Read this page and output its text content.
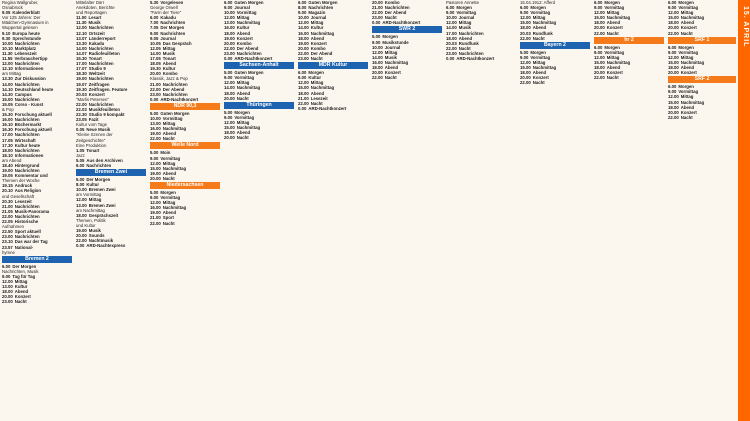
Regina Wallgruber,
Osnabrück
9.05 Kalenderblatt
Vor 125 Jahren: Der
Mädchen-Gymnasium in
Wuppertal gelesen
9.10 Europa heute
9.30 Sprechstunde
10.00 Nachrichten
10.10 Marktplatz
11.30 Lebenszeit
11.55 Verbrauchertipp
12.00 Nachrichten
12.10 Informationen
am Mittag
13.30 Zur Diskussion
14.00 Nachrichten
14.10 Deutschland heute
14.30 Campus
15.00 Nachrichten
15.05 Corso - Kunst
& Pop
15.30 Forschung aktuell
16.00 Nachrichten
16.10 Büchermarkt
16.30 Forschung aktuell
17.00 Nachrichten
17.05 Wirtschaft
17.30 Kultur heute
18.00 Nachrichten
18.10 Informationen
am Abend
18.40 Hintergrund
19.00 Nachrichten
19.05 Kommentar und
Themen der Woche
19.15 Andruck
20.10 Aus Religion
und Gesellschaft
20.30 Lesezeit
21.00 Nachrichten
21.05 Musik-Panorama
22.00 Nachrichten
22.05 Historische
Aufnahmen
22.50 Sport aktuell
23.00 Nachrichten
23.10 Das war der Tag
23.57 National-
hymne
Bremen 2
6.00 Der Morgen
Nachrichten, Musik
9.00 Tag für Tag
12.00 Mittag
13.00 Kultur
18.00 Abend
20.00 Konzert
23.00 Nacht
Mittelalter Dürr
Anekdoten, Berichte
und Reportagen
11.00 Lesart
11.30 Musik
12.00 Nachrichten
12.10 Ortszeit
13.07 Länderreport
13.30 Kakadu
14.00 Nachrichten
14.07 Radiofeuilleton
15.30 Tonart
17.00 Nachrichten
17.07 Studio 9
18.30 Weltzeit
19.00 Nachrichten
19.07 Zeitfragen
19.30 Zeitfragen. Feature
20.03 Konzert
"Marlis Petersen"
22.00 Nachrichten
22.03 Musikfeuilleton
22.30 Studio 9 kompakt
23.05 Fazit
Kultur vom Tage
0.05 Neue Musik
"Kleine Szenen der
Zeitgeschichte"
Eine Produktion
1.05 Tonart
Jazz
5.05 Aus den Archiven
6.00 Nachrichten
Bremen Zwei
5.00 Der Morgen
8.00 Kultur
10.00 Bremen Zwei
am Vormittag
12.00 Mittag
13.00 Bremen Zwei
am Nachmittag
18.00 Gesprächszeit
Themen, Politik
und Kultur
19.00 Musik
20.00 Sounds
22.00 Nachtmusik
0.00 ARD-Nachtexpress
5.30 Vorgelesen
George Orwell
"Farm der Tiere"
6.00 Kakadu
7.00 Nachrichten
7.05 Der Morgen
9.00 Nachrichten
9.05 Journal
10.05 Das Gespräch
12.05 Mittag
14.00 Musik
17.05 Tonart
18.05 Abend
19.30 Kultur
20.00 Kombo
Klassik, Jazz & Pop
21.00 Nachrichten
22.00 Der Abend
23.00 Nachrichten
0.00 ARD-Nachtkonzert
NDR 90,3
5.00 Guten Morgen
10.00 Vormittag
13.00 Mittag
16.00 Nachmittag
19.00 Abend
22.00 Nacht
Welle Nord
5.00 Moin
9.00 Vormittag
12.00 Mittag
15.00 Nachmittag
19.00 Abend
20.00 Nacht
Niedersachsen
5.00 Morgen
9.00 Vormittag
12.00 Mittag
16.00 Nachmittag
19.00 Abend
21.00 Sport
22.00 Nacht
6.00 Guten Morgen
9.00 Journal
10.00 Vormittag
12.00 Mittag
13.00 Nachmittag
16.00 Kultur
18.00 Abend
19.00 Konzert
20.00 Kombo
22.00 Der Abend
23.00 Nachrichten
0.00 ARD-Nachtkonzert
Sachsen-Anhalt
5.00 Guten Morgen
9.00 Vormittag
12.00 Mittag
14.00 Nachmittag
18.00 Abend
20.00 Nacht
Thüringen
5.00 Morgen
9.00 Vormittag
12.00 Mittag
15.00 Nachmittag
18.00 Abend
20.00 Nacht
6.00 Guten Morgen
8.00 Nachrichten
9.00 Magazin
10.00 Journal
12.00 Mittag
14.00 Kultur
16.00 Nachmittag
18.00 Abend
19.00 Konzert
20.00 Kombo
22.00 Der Abend
23.00 Nacht
MDR Kultur
6.00 Morgen
9.00 Kultur
12.00 Mittag
15.00 Nachmittag
18.00 Abend
21.00 Lesezeit
22.00 Nacht
0.00 ARD-Nachtkonzert
20.00 Kombo
21.00 Nachrichten
22.00 Der Abend
23.00 Nacht
0.00 ARD-Nachtkonzert
SWR 2
5.00 Morgen
9.00 Musikstunde
10.00 Journal
12.00 Mittag
14.00 Musik
16.00 Nachmittag
18.00 Abend
20.00 Konzert
22.00 Nacht
Pastoren Annette
6.00 Morgen
9.00 Vormittag
10.00 Journal
12.00 Mittag
14.00 Musik
17.00 Nachrichten
18.00 Abend
20.03 Rundfunk
22.00 Nacht
23.00 Nachrichten
0.00 ARD-Nachtkonzert
15.04.1912: Afferd
6.00 Morgen
9.00 Vormittag
12.00 Mittag
15.00 Nachmittag
18.00 Abend
20.03 Rundfunk
22.00 Nacht
Bayern 2
5.00 Morgen
9.00 Vormittag
12.00 Mittag
15.00 Nachmittag
18.00 Abend
20.00 Konzert
22.00 Nacht
6.00 Morgen
9.00 Vormittag
12.00 Mittag
15.00 Nachmittag
18.00 Abend
20.00 Konzert
22.00 Nacht
hr 2
6.00 Morgen
9.00 Vormittag
12.00 Mittag
15.00 Nachmittag
18.00 Abend
20.00 Konzert
22.00 Nacht
6.00 Morgen
9.00 Vormittag
12.00 Mittag
15.00 Nachmittag
18.00 Abend
20.00 Konzert
22.00 Nacht
SRF 1
6.00 Morgen
9.00 Vormittag
12.00 Mittag
15.00 Nachmittag
18.00 Abend
20.00 Konzert
SRF 2
6.00 Morgen
9.00 Vormittag
12.00 Mittag
15.00 Nachmittag
18.00 Abend
20.00 Konzert
22.00 Nacht
15. APRIL
